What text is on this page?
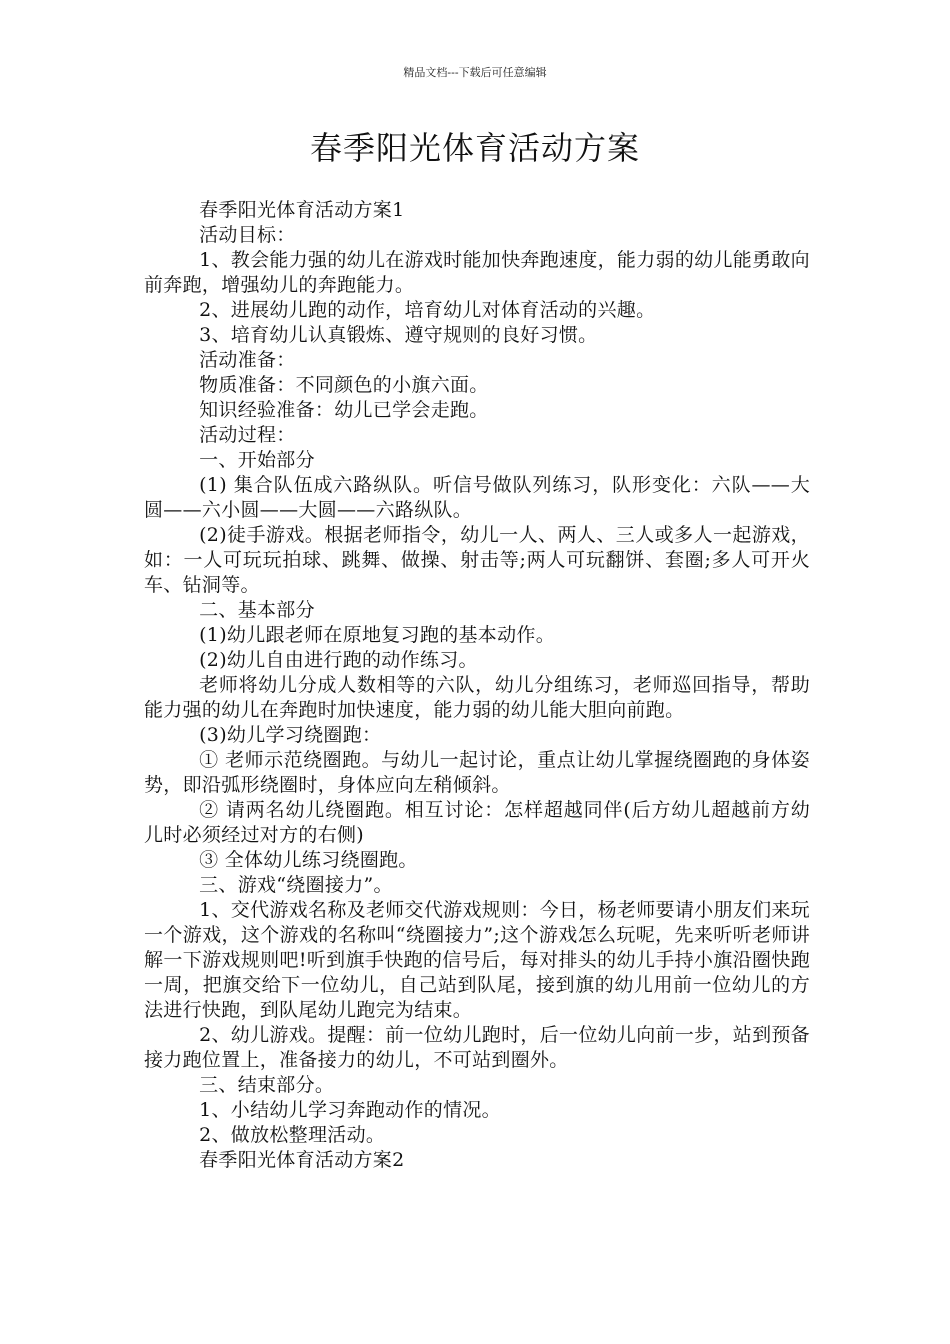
精品文档---下载后可任意编辑
春季阳光体育活动方案

春季阳光体育活动方案1

活动目标：

1、教会能力强的幼儿在游戏时能加快奔跑速度，能力弱的幼儿能勇敢向前奔跑，增强幼儿的奔跑能力。

2、进展幼儿跑的动作，培育幼儿对体育活动的兴趣。

3、培育幼儿认真锻炼、遵守规则的良好习惯。

活动准备：

物质准备：不同颜色的小旗六面。

知识经验准备：幼儿已学会走跑。

活动过程：

一、开始部分

(1) 集合队伍成六路纵队。听信号做队列练习，队形变化：六队——大圆——六小圆——大圆——六路纵队。

(2)徒手游戏。根据老师指令，幼儿一人、两人、三人或多人一起游戏，如：一人可玩玩拍球、跳舞、做操、射击等;两人可玩翻饼、套圈;多人可开火车、钻洞等。

二、基本部分

(1)幼儿跟老师在原地复习跑的基本动作。

(2)幼儿自由进行跑的动作练习。

老师将幼儿分成人数相等的六队，幼儿分组练习，老师巡回指导，帮助能力强的幼儿在奔跑时加快速度，能力弱的幼儿能大胆向前跑。

(3)幼儿学习绕圈跑：

① 老师示范绕圈跑。与幼儿一起讨论，重点让幼儿掌握绕圈跑的身体姿势，即沿弧形绕圈时，身体应向左稍倾斜。

② 请两名幼儿绕圈跑。相互讨论：怎样超越同伴(后方幼儿超越前方幼儿时必须经过对方的右侧)

③ 全体幼儿练习绕圈跑。

三、游戏“绕圈接力”。

1、交代游戏名称及老师交代游戏规则：今日，杨老师要请小朋友们来玩一个游戏，这个游戏的名称叫“绕圈接力”;这个游戏怎么玩呢，先来听听老师讲解一下游戏规则吧!听到旗手快跑的信号后，每对排头的幼儿手持小旗沿圈快跑一周，把旗交给下一位幼儿，自己站到队尾，接到旗的幼儿用前一位幼儿的方法进行快跑，到队尾幼儿跑完为结束。

2、幼儿游戏。提醒：前一位幼儿跑时，后一位幼儿向前一步，站到预备接力跑位置上，准备接力的幼儿，不可站到圈外。

三、结束部分。

1、小结幼儿学习奔跑动作的情况。

2、做放松整理活动。

春季阳光体育活动方案2
